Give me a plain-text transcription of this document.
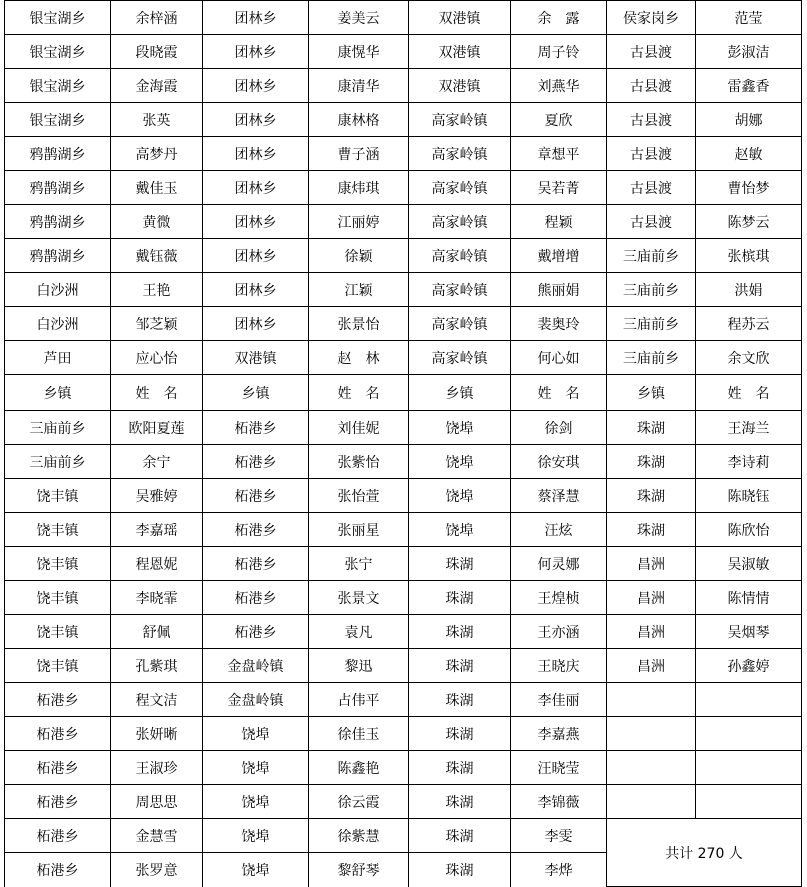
银宝湖乡	余梓涵	团林乡	姜美云	双港镇	余　露	侯家岗乡	范莹
银宝湖乡	段晓霞	团林乡	康愰华	双港镇	周子铃	古县渡	彭淑洁
银宝湖乡	金海霞	团林乡	康清华	双港镇	刘燕华	古县渡	雷鑫香
银宝湖乡	张英	团林乡	康林格	高家岭镇	夏欣	古县渡	胡娜
鸦鹊湖乡	高梦丹	团林乡	曹子涵	高家岭镇	章想平	古县渡	赵敏
鸦鹊湖乡	戴佳玉	团林乡	康炜琪	高家岭镇	吴若菁	古县渡	曹怡梦
鸦鹊湖乡	黄微	团林乡	江丽婷	高家岭镇	程颖	古县渡	陈梦云
鸦鹊湖乡	戴钰薇	团林乡	徐颖	高家岭镇	戴增增	三庙前乡	张槟琪
白沙洲	王艳	团林乡	江颖	高家岭镇	熊丽娟	三庙前乡	洪娟
白沙洲	邹芝颖	团林乡	张景怡	高家岭镇	裴奥玲	三庙前乡	程苏云
芦田	应心怡	双港镇	赵　林	高家岭镇	何心如	三庙前乡	余文欣
乡镇	姓　名	乡镇	姓　名	乡镇	姓　名	乡镇	姓　名
三庙前乡	欧阳夏莲	柘港乡	刘佳妮	饶埠	徐剑	珠湖	王海兰
三庙前乡	余宁	柘港乡	张紫怡	饶埠	徐安琪	珠湖	李诗莉
饶丰镇	吴雅婷	柘港乡	张怡萱	饶埠	蔡泽慧	珠湖	陈晓钰
饶丰镇	李嘉瑶	柘港乡	张丽星	饶埠	汪炫	珠湖	陈欣怡
饶丰镇	程恩妮	柘港乡	张宁	珠湖	何灵娜	昌洲	吴淑敏
饶丰镇	李晓霏	柘港乡	张景文	珠湖	王煌桢	昌洲	陈情情
饶丰镇	舒佩	柘港乡	袁凡	珠湖	王亦涵	昌洲	吴烟琴
饶丰镇	孔紫琪	金盘岭镇	黎迅	珠湖	王晓庆	昌洲	孙鑫婷
柘港乡	程文洁	金盘岭镇	占伟平	珠湖	李佳丽		
柘港乡	张妍晰	饶埠	徐佳玉	珠湖	李嘉燕		
柘港乡	王淑珍	饶埠	陈鑫艳	珠湖	汪晓莹		
柘港乡	周思思	饶埠	徐云霞	珠湖	李锦薇		
柘港乡	金慧雪	饶埠	徐紫慧	珠湖	李雯	共计 270 人	
柘港乡	张罗意	饶埠	黎舒琴	珠湖	李烨		
